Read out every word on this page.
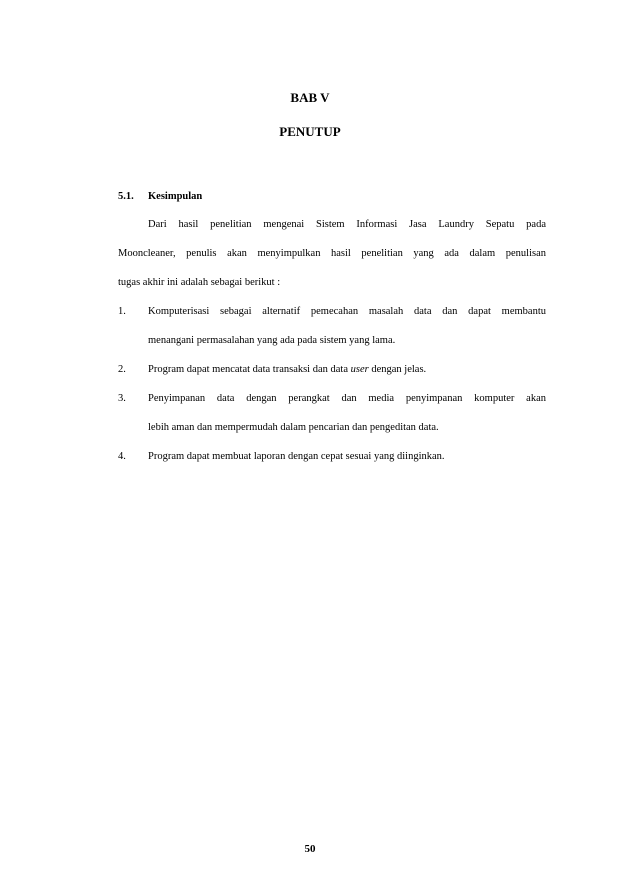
BAB V
PENUTUP
5.1. Kesimpulan
Dari hasil penelitian mengenai Sistem Informasi Jasa Laundry Sepatu pada
Mooncleaner, penulis akan menyimpulkan hasil penelitian yang ada dalam penulisan
tugas akhir ini adalah sebagai berikut :
1. Komputerisasi sebagai alternatif pemecahan masalah data dan dapat membantu
menangani permasalahan yang ada pada sistem yang lama.
2. Program dapat mencatat data transaksi dan data user dengan jelas.
3. Penyimpanan data dengan perangkat dan media penyimpanan komputer akan
lebih aman dan mempermudah dalam pencarian dan pengeditan data.
4. Program dapat membuat laporan dengan cepat sesuai yang diinginkan.
50
